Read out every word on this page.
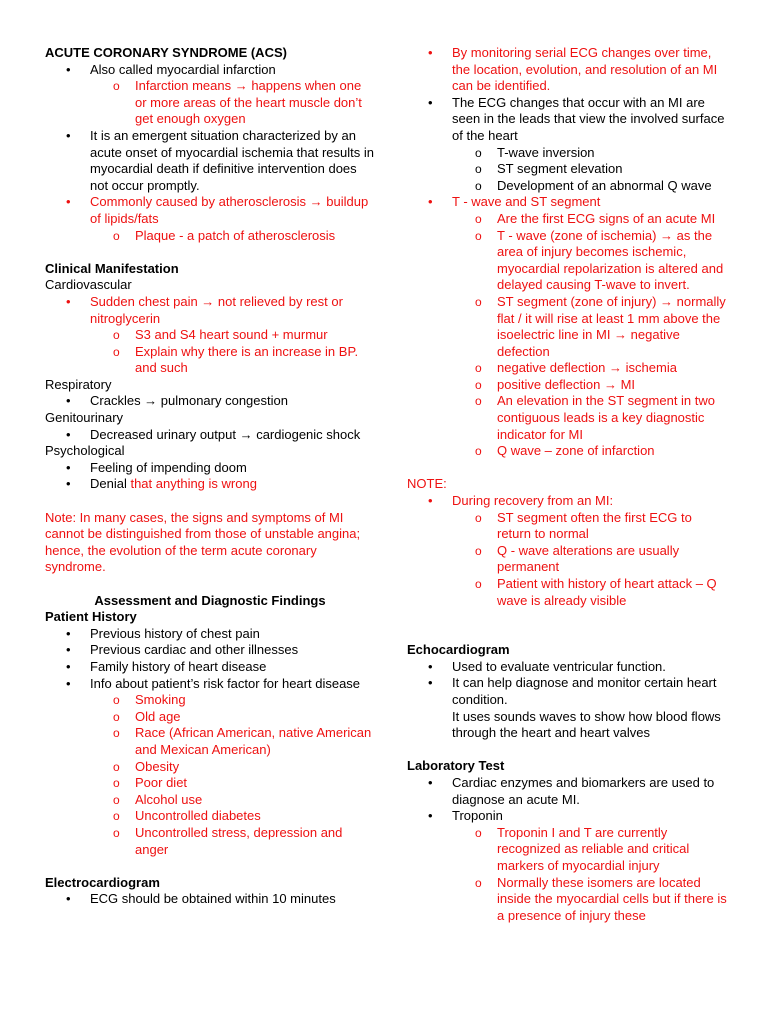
ACUTE CORONARY SYNDROME (ACS)
• Also called myocardial infarction
o Infarction means → happens when one or more areas of the heart muscle don’t get enough oxygen
• It is an emergent situation characterized by an acute onset of myocardial ischemia that results in myocardial death if definitive intervention does not occur promptly.
• Commonly caused by atherosclerosis → buildup of lipids/fats
o Plaque - a patch of atherosclerosis
Clinical Manifestation
Cardiovascular
• Sudden chest pain → not relieved by rest or nitroglycerin
o S3 and S4 heart sound + murmur
o Explain why there is an increase in BP. and such
Respiratory
• Crackles → pulmonary congestion
Genitourinary
• Decreased urinary output → cardiogenic shock
Psychological
• Feeling of impending doom
• Denial that anything is wrong
Note: In many cases, the signs and symptoms of MI cannot be distinguished from those of unstable angina; hence, the evolution of the term acute coronary syndrome.
Assessment and Diagnostic Findings
Patient History
• Previous history of chest pain
• Previous cardiac and other illnesses
• Family history of heart disease
• Info about patient’s risk factor for heart disease
o Smoking
o Old age
o Race (African American, native American and Mexican American)
o Obesity
o Poor diet
o Alcohol use
o Uncontrolled diabetes
o Uncontrolled stress, depression and anger
Electrocardiogram
• ECG should be obtained within 10 minutes
• By monitoring serial ECG changes over time, the location, evolution, and resolution of an MI can be identified.
• The ECG changes that occur with an MI are seen in the leads that view the involved surface of the heart
o T-wave inversion
o ST segment elevation
o Development of an abnormal Q wave
• T - wave and ST segment
o Are the first ECG signs of an acute MI
o T - wave (zone of ischemia) → as the area of injury becomes ischemic, myocardial repolarization is altered and delayed causing T-wave to invert.
o ST segment (zone of injury) → normally flat / it will rise at least 1 mm above the isoelectric line in MI → negative defection
o negative deflection → ischemia
o positive deflection → MI
o An elevation in the ST segment in two contiguous leads is a key diagnostic indicator for MI
o Q wave – zone of infarction
NOTE:
• During recovery from an MI:
o ST segment often the first ECG to return to normal
o Q - wave alterations are usually permanent
o Patient with history of heart attack – Q wave is already visible
Echocardiogram
• Used to evaluate ventricular function.
• It can help diagnose and monitor certain heart condition.
It uses sounds waves to show how blood flows through the heart and heart valves
Laboratory Test
• Cardiac enzymes and biomarkers are used to diagnose an acute MI.
• Troponin
o Troponin I and T are currently recognized as reliable and critical markers of myocardial injury
o Normally these isomers are located inside the myocardial cells but if there is a presence of injury these
